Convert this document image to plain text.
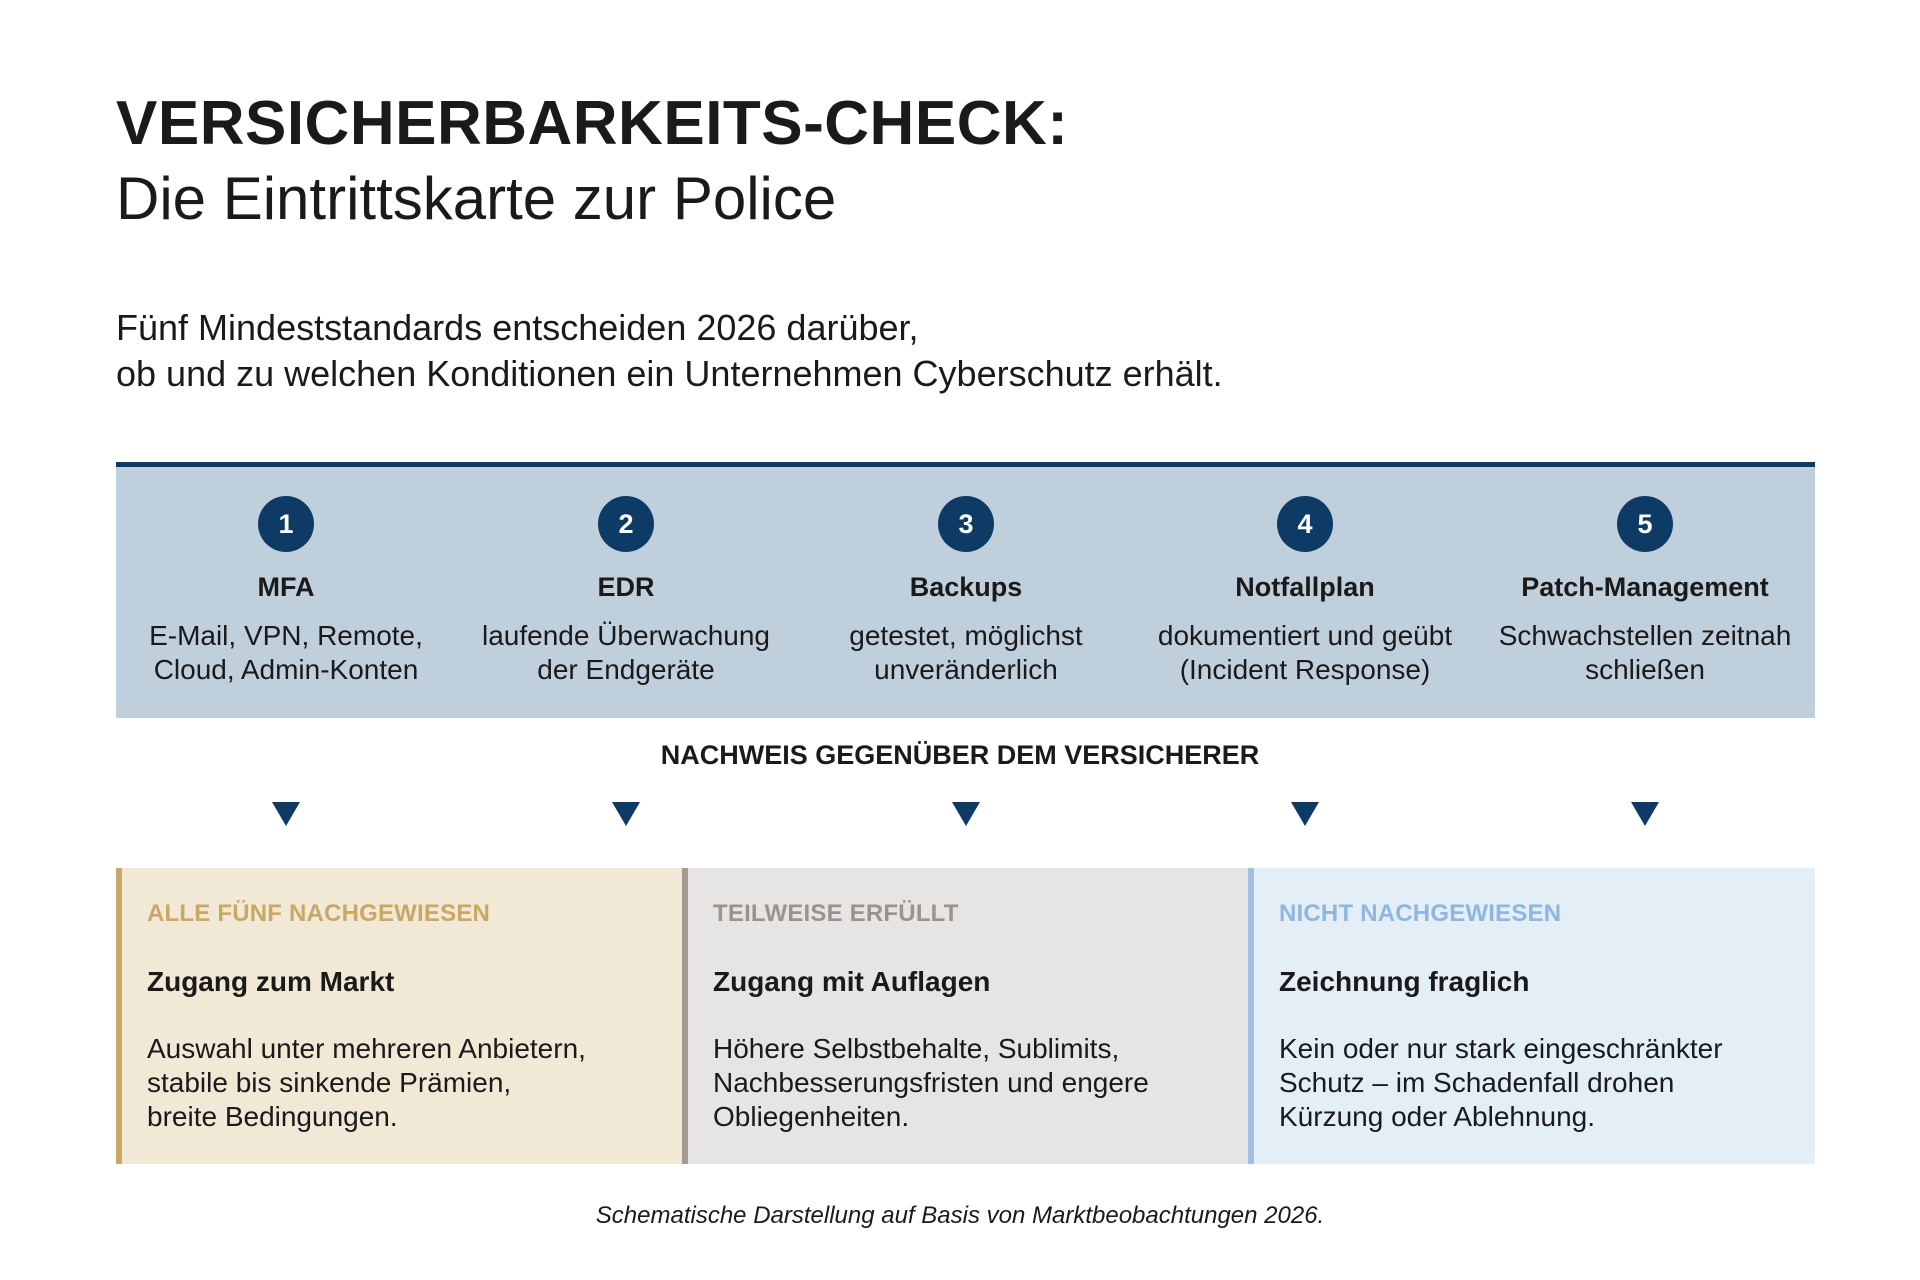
VERSICHERBARKEITS-CHECK:
Die Eintrittskarte zur Police
Fünf Mindeststandards entscheiden 2026 darüber,
ob und zu welchen Konditionen ein Unternehmen Cyberschutz erhält.
1
MFA
E-Mail, VPN, Remote,
Cloud, Admin-Konten
2
EDR
laufende Überwachung
der Endgeräte
3
Backups
getestet, möglichst
unveränderlich
4
Notfallplan
dokumentiert und geübt
(Incident Response)
5
Patch-Management
Schwachstellen zeitnah
schließen
NACHWEIS GEGENÜBER DEM VERSICHERER
ALLE FÜNF NACHGEWIESEN
Zugang zum Markt
Auswahl unter mehreren Anbietern,
stabile bis sinkende Prämien,
breite Bedingungen.
TEILWEISE ERFÜLLT
Zugang mit Auflagen
Höhere Selbstbehalte, Sublimits,
Nachbesserungsfristen und engere
Obliegenheiten.
NICHT NACHGEWIESEN
Zeichnung fraglich
Kein oder nur stark eingeschränkter
Schutz – im Schadenfall drohen
Kürzung oder Ablehnung.
Schematische Darstellung auf Basis von Marktbeobachtungen 2026.
